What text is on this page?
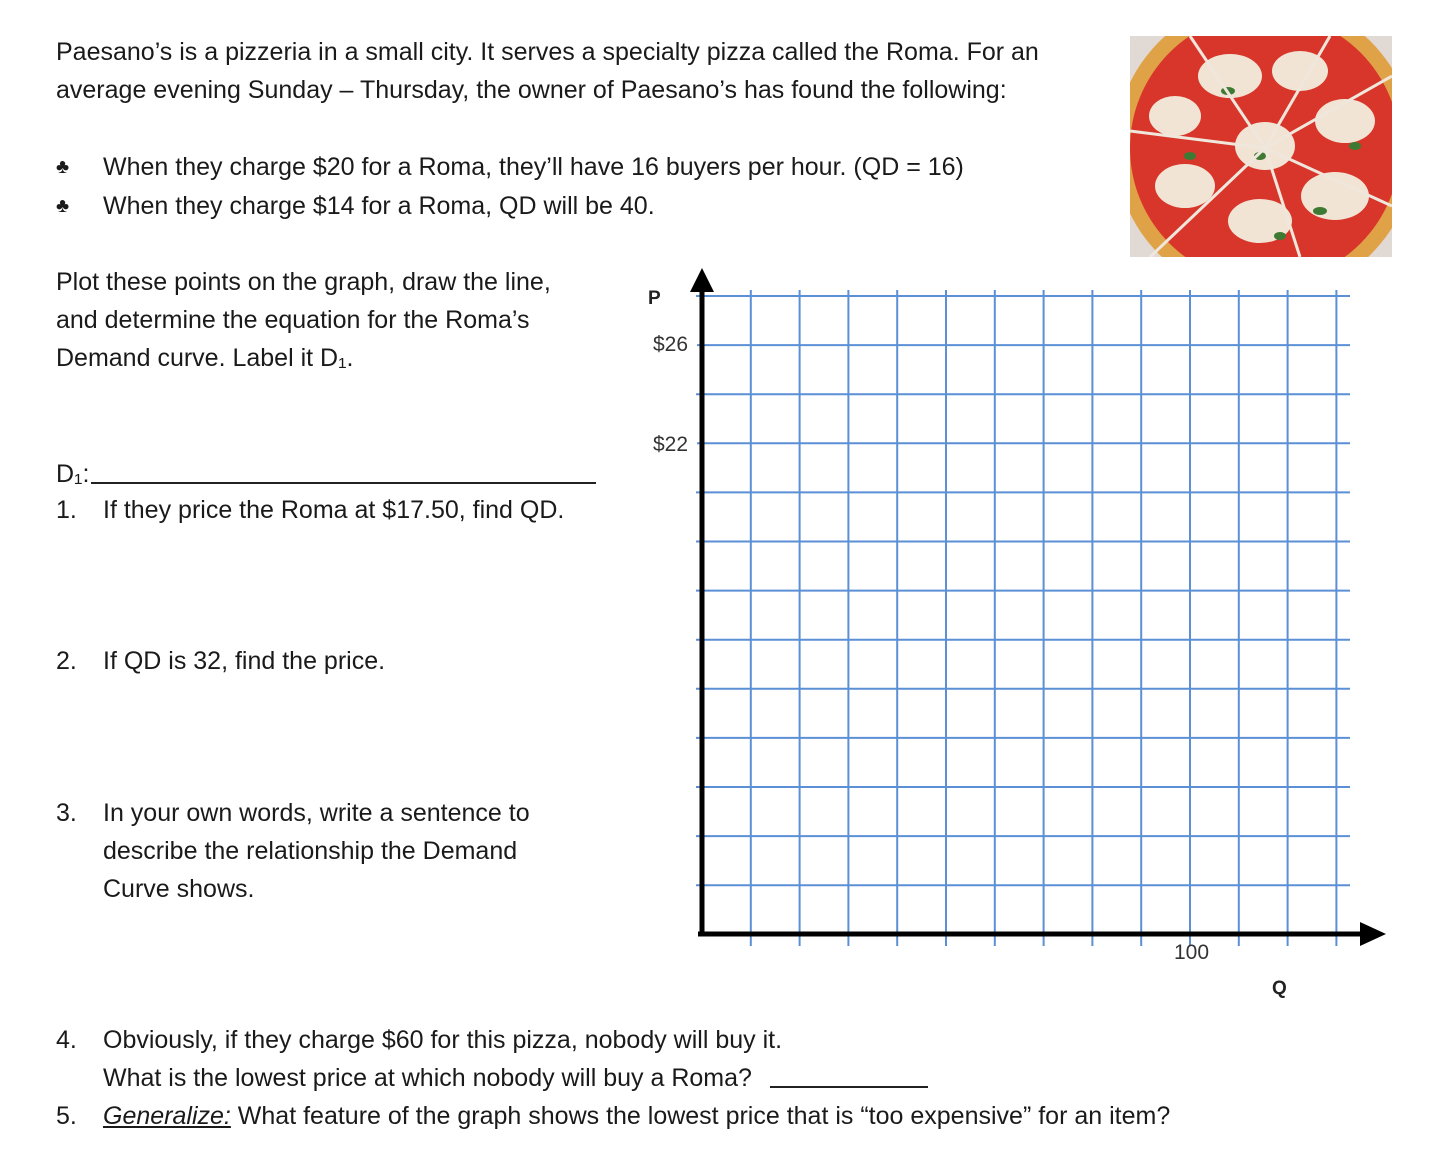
Paesano’s is a pizzeria in a small city. It serves a specialty pizza called the Roma. For an
average evening Sunday – Thursday, the owner of Paesano’s has found the following:
♣ When they charge $20 for a Roma, they’ll have 16 buyers per hour. (QD = 16)
♣ When they charge $14 for a Roma, QD will be 40.
Plot these points on the graph, draw the line,
and determine the equation for the Roma’s
Demand curve. Label it D₁.
D₁:
1. If they price the Roma at $17.50, find QD.
2. If QD is 32, find the price.
3. In your own words, write a sentence to
describe the relationship the Demand
Curve shows.
P
Q
$26
$22
100
4. Obviously, if they charge $60 for this pizza, nobody will buy it.
What is the lowest price at which nobody will buy a Roma?
5. Generalize: What feature of the graph shows the lowest price that is “too expensive” for an item?
